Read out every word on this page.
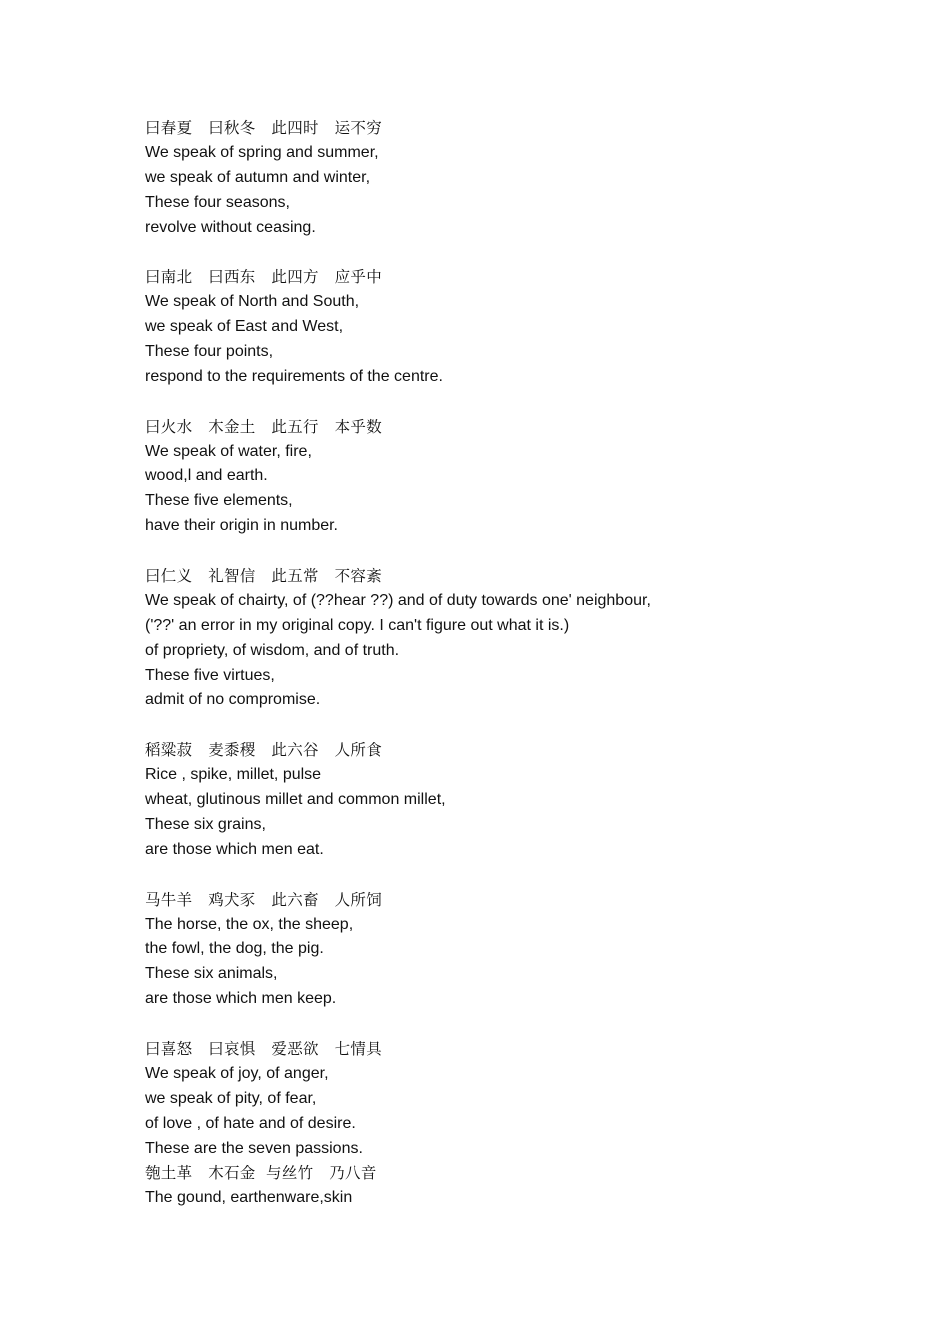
曰春夏　曰秋冬　此四时　运不穷
We speak of spring and summer,
we speak of autumn and winter,
These four seasons,
revolve without ceasing.
曰南北　曰西东　此四方　应乎中
We speak of North and South,
we speak of East and West,
These four points,
respond to the requirements of the centre.
曰火水　木金土　此五行　本乎数
We speak of water, fire,
wood,l and earth.
These five elements,
have their origin in number.
曰仁义　礼智信　此五常　不容紊
We speak of chairty, of (??hear ??) and of duty towards one' neighbour,
('??' an error in my original copy. I can't figure out what it is.)
of propriety, of wisdom, and of truth.
These five virtues,
admit of no compromise.
稻粱菽　麦黍稷　此六谷　人所食
Rice , spike, millet, pulse
wheat, glutinous millet and common millet,
These six grains,
are those which men eat.
马牛羊　鸡犬豕　此六畜　人所饲
The horse, the ox, the sheep,
the fowl, the dog, the pig.
These six animals,
are those which men keep.
曰喜怒　曰哀惧　爱恶欲　七情具
We speak of joy, of anger,
we speak of pity, of fear,
of love , of hate and of desire.
These are the seven passions.
匏土革　木石金  与丝竹　乃八音
The gound, earthenware,skin
